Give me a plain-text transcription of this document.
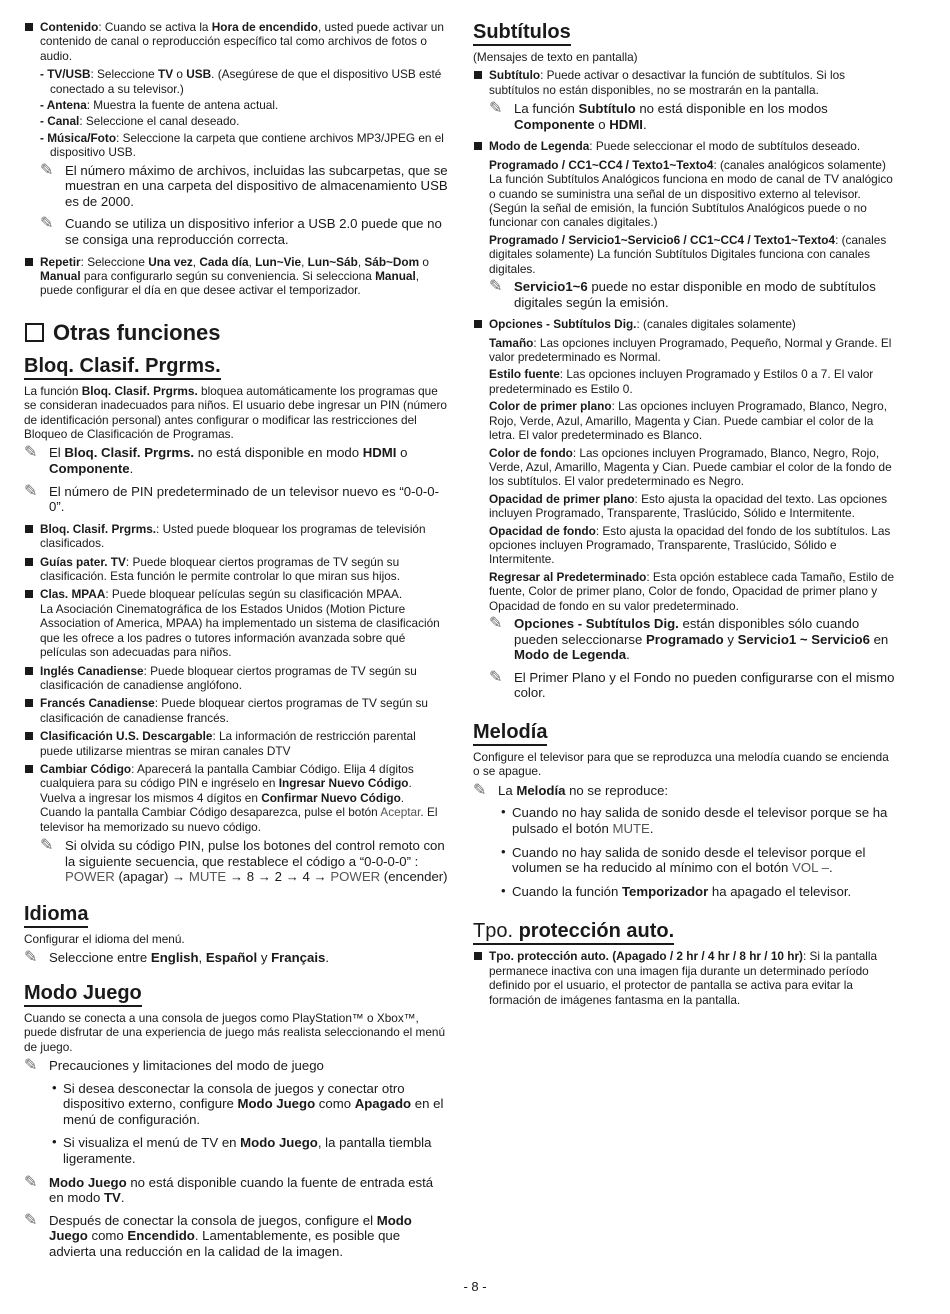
Contenido: Cuando se activa la Hora de encendido, usted puede activar un contenido de canal o reproducción específico tal como archivos de fotos o audio.
- TV/USB: Seleccione TV o USB. (Asegúrese de que el dispositivo USB esté conectado a su televisor.)
- Antena: Muestra la fuente de antena actual.
- Canal: Seleccione el canal deseado.
- Música/Foto: Seleccione la carpeta que contiene archivos MP3/JPEG en el dispositivo USB.
✎ El número máximo de archivos, incluidas las subcarpetas, que se muestran en una carpeta del dispositivo de almacenamiento USB es de 2000.
✎ Cuando se utiliza un dispositivo inferior a USB 2.0 puede que no se consiga una reproducción correcta.
Repetir: Seleccione Una vez, Cada día, Lun~Vie, Lun~Sáb, Sáb~Dom o Manual para configurarlo según su conveniencia. Si selecciona Manual, puede configurar el día en que desee activar el temporizador.
Otras funciones
Bloq. Clasif. Prgrms.
La función Bloq. Clasif. Prgrms. bloquea automáticamente los programas que se consideran inadecuados para niños. El usuario debe ingresar un PIN (número de identificación personal) antes configurar o modificar las restricciones del Bloqueo de Clasificación de Programas.
✎ El Bloq. Clasif. Prgrms. no está disponible en modo HDMI o Componente.
✎ El número de PIN predeterminado de un televisor nuevo es “0-0-0-0”.
Bloq. Clasif. Prgrms.: Usted puede bloquear los programas de televisión clasificados.
Guías pater. TV: Puede bloquear ciertos programas de TV según su clasificación. Esta función le permite controlar lo que miran sus hijos.
Clas. MPAA: Puede bloquear películas según su clasificación MPAA.
La Asociación Cinematográfica de los Estados Unidos (Motion Picture Association of America, MPAA) ha implementado un sistema de clasificación que les ofrece a los padres o tutores información avanzada sobre qué películas son adecuadas para niños.
Inglés Canadiense: Puede bloquear ciertos programas de TV según su clasificación de canadiense anglófono.
Francés Canadiense: Puede bloquear ciertos programas de TV según su clasificación de canadiense francés.
Clasificación U.S. Descargable: La información de restricción parental puede utilizarse mientras se miran canales DTV
Cambiar Código: Aparecerá la pantalla Cambiar Código. Elija 4 dígitos cualquiera para su código PIN e ingréselo en Ingresar Nuevo Código. Vuelva a ingresar los mismos 4 dígitos en Confirmar Nuevo Código. Cuando la pantalla Cambiar Código desaparezca, pulse el botón Aceptar. El televisor ha memorizado su nuevo código.
✎ Si olvida su código PIN, pulse los botones del control remoto con la siguiente secuencia, que restablece el código a “0-0-0-0” : POWER (apagar) → MUTE → 8 → 2 → 4 → POWER (encender)
Idioma
Configurar el idioma del menú.
✎ Seleccione entre English, Español y Français.
Modo Juego
Cuando se conecta a una consola de juegos como PlayStation™ o Xbox™, puede disfrutar de una experiencia de juego más realista seleccionando el menú de juego.
✎ Precauciones y limitaciones del modo de juego
• Si desea desconectar la consola de juegos y conectar otro dispositivo externo, configure Modo Juego como Apagado en el menú de configuración.
• Si visualiza el menú de TV en Modo Juego, la pantalla tiembla ligeramente.
✎ Modo Juego no está disponible cuando la fuente de entrada está en modo TV.
✎ Después de conectar la consola de juegos, configure el Modo Juego como Encendido. Lamentablemente, es posible que advierta una reducción en la calidad de la imagen.
Subtítulos
(Mensajes de texto en pantalla)
Subtítulo: Puede activar o desactivar la función de subtítulos. Si los subtítulos no están disponibles, no se mostrarán en la pantalla.
✎ La función Subtítulo no está disponible en los modos Componente o HDMI.
Modo de Legenda: Puede seleccionar el modo de subtítulos deseado.
Programado / CC1~CC4 / Texto1~Texto4: (canales analógicos solamente) La función Subtítulos Analógicos funciona en modo de canal de TV analógico o cuando se suministra una señal de un dispositivo externo al televisor. (Según la señal de emisión, la función Subtítulos Analógicos puede o no funcionar con canales digitales.)
Programado / Servicio1~Servicio6 / CC1~CC4 / Texto1~Texto4: (canales digitales solamente) La función Subtítulos Digitales funciona con canales digitales.
✎ Servicio1~6 puede no estar disponible en modo de subtítulos digitales según la emisión.
Opciones - Subtítulos Dig.: (canales digitales solamente)
Tamaño: Las opciones incluyen Programado, Pequeño, Normal y Grande. El valor predeterminado es Normal.
Estilo fuente: Las opciones incluyen Programado y Estilos 0 a 7. El valor predeterminado es Estilo 0.
Color de primer plano: Las opciones incluyen Programado, Blanco, Negro, Rojo, Verde, Azul, Amarillo, Magenta y Cian. Puede cambiar el color de la letra. El valor predeterminado es Blanco.
Color de fondo: Las opciones incluyen Programado, Blanco, Negro, Rojo, Verde, Azul, Amarillo, Magenta y Cian. Puede cambiar el color de la fondo de los subtítulos. El valor predeterminado es Negro.
Opacidad de primer plano: Esto ajusta la opacidad del texto. Las opciones incluyen Programado, Transparente, Traslúcido, Sólido e Intermitente.
Opacidad de fondo: Esto ajusta la opacidad del fondo de los subtítulos. Las opciones incluyen Programado, Transparente, Traslúcido, Sólido e Intermitente.
Regresar al Predeterminado: Esta opción establece cada Tamaño, Estilo de fuente, Color de primer plano, Color de fondo, Opacidad de primer plano y Opacidad de fondo en su valor predeterminado.
✎ Opciones - Subtítulos Dig. están disponibles sólo cuando pueden seleccionarse Programado y Servicio1 ~ Servicio6 en Modo de Legenda.
✎ El Primer Plano y el Fondo no pueden configurarse con el mismo color.
Melodía
Configure el televisor para que se reproduzca una melodía cuando se encienda o se apague.
✎ La Melodía no se reproduce:
• Cuando no hay salida de sonido desde el televisor porque se ha pulsado el botón MUTE.
• Cuando no hay salida de sonido desde el televisor porque el volumen se ha reducido al mínimo con el botón VOL –.
• Cuando la función Temporizador ha apagado el televisor.
Tpo. protección auto.
Tpo. protección auto. (Apagado / 2 hr / 4 hr / 8 hr / 10 hr): Si la pantalla permanece inactiva con una imagen fija durante un determinado período definido por el usuario, el protector de pantalla se activa para evitar la formación de imágenes fantasma en la pantalla.
- 8 -
